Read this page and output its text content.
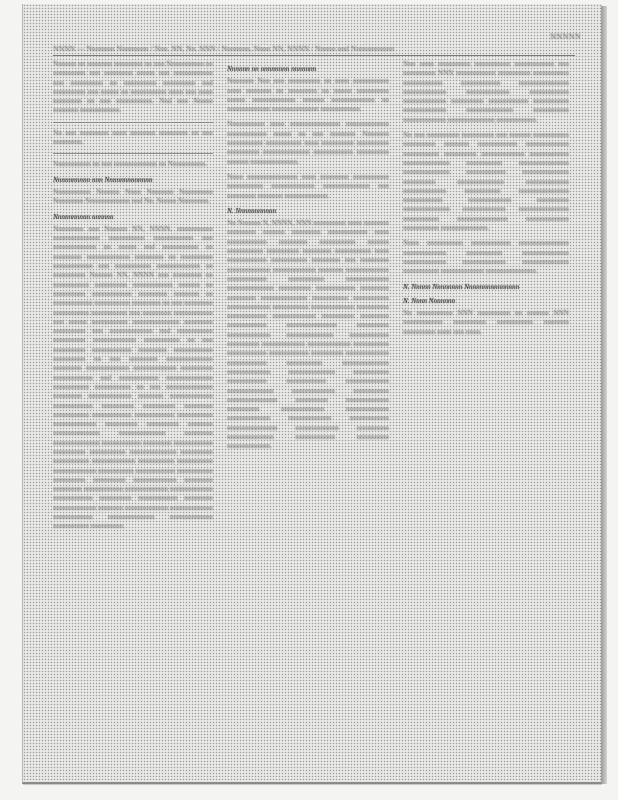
NNNNN
NNNN — Nnnnnnn Nnnnnnnn / Nnn. NN, Nn. NNN / Nnnnnnn, Nnnn NN, NNNN / Nnnnn nnd Nnnnnnnnnnn

Nnnnnn nn nnnnnnn nnnnnnnn nn nnn Nnnnnnnnnn nn nnnnnnnnn nnn nnnnnnnn nnnnn nnn nnnnnnnnnnn nnn nnnnnnnnn nn nnnnnnnnn nnnnnnnnn nnd nnnnnnnnn nnn nnnnn nn nnnnnnnnnn nnnn nnn nnnn nnnnnnnn nn nnn nnnnnnnnnn. Nnd nnn Nnnnn nnnnnnn nnnnnnnnnnn.

Nn nnn nnnnnnnn nnnn nnnnnnn nnnnnnnn nn nnn nnnnnnnn.

Nnnnnnnnnn nn nnn nnnnnnnnnnnn nn Nnnnnnnnnn.

Nnnnnnnnnn nnn Nnnnnnnnnnnnn

Nnnnnnnnnn Nnnnnn Nnnn Nnnnnnn Nnnnnnnnn Nnnnnnnn Nnnnnnnnnnnn nnd Nn. Nnnnn Nnnnnnnn.

Nnnnnnnnnn nnnnnn

Nnnnnnnn nnn Nnnnnn NN, NNNN, nnnnnnnnnn nnnnnnnnnnnnn nnnnnnnnnn nnnnnnnnnnn nnn nnnnnnnnnnnn nn nnnnn nnd nnnnnnnnnn nn nnnnnnnn nnnnnnnnnnnn nnnnnnnn nn nnnnnnnnn nnnnnnnnnnn nnn nnnnnnnnnn nnnnnnnnnnnn nn nnnnnnnnn Nnnnnn NN, NNNN nnn nnnnnnnn nn nnnnnnnnnn nnnnnnnnn nnnnnnnnnnn nnnnnn nn nnnnnnnnn nnnnnnnnnnn nnnnnnnn nnnnnnn nn nnnnnnnnnnn nnnnnnnnnn nnnnnnnn nn nnn nnnnnnnn nnnnnnnnnn nnnnnnnnnn nnn nnnnnnnn nnnnnnnnnnn nnn nnnnn nnnnnnnnnn nnnnnnnnnnnnn nnnnnnnn nnnnnnnnn nnn nnnnnnnnnnnn nnd nnnnnnnnnn nnnnnnnnn nnnnnnnnnnnn nnnnnnnnnn nn nnn nnnnnnnnn nnnnnnnnnnn nnnnnnnn nnnnnnnnnnn nnnnnnnnn nn nnn nnnnnnnn nnnnnnnnnnnnn nnnnnnnn nnnnnnnnnnnn nnnnnnnnnnnn nnnnnnnnn nnnnnnnnnnn nnd nnnnnnnnnnn nnnnnnnnnnnnn nnnnnnnnnn nnnnnnnnnn nn nnn nnnnnnnnnnnnn nnnnnnnn nnnnnnnnnnnn nnnnnnn nnnnnnnnnnnn nnnnnnnnnnn nnnnnnnnn nnnnnnnnn nnnnnnnn nnnnnnnnnn nnnnnnnnnnn nnnnnnnnnnn nnnnnnnnnn nnnnnnnnnnnn nnnnnnnnn nnnnnnnnn nnnnnnn nnnnnnnnnnnnn nnnnnnnnnnnnn nnnnnnnn nnnnnnnnnnnnn nnnnnnnnnnn nnnnnnnn nnnnnnnnnnn nnnnnnnnn nnnnnnnnnn nnnnnnnnnnnnn nnnnnnnnn nnnnnnnnnn nnnnnnnnnnnn nnnnnnnnnn nnnnnnnnnn nnnnnnnnnnnn nnnnnnnnnn nnnnnnnnnnn nnnnnnnnnn nnnnnnnnn nnnnnnnnn nnnnnnnnnnnn nnnnnnnn nnnnnnnn nnnnnnnnnnn nnnnnnnnnnnn nnnnnnnnnnnn nnnnnnnnnnn nnnnnnnnn nnnnnnnnnnn nnnnnnnn nnnnnnnnnnnn nnnnnnn nnnnnnnnnnnn nnnnnnnnnnnn nnnnnnnnnnn nnnnnnnnnnnnn nnnnnnnnnnnn nnnnnnnnnn nnnnnnnnn.

Nnnnnn nn nnnnnnnn nnnnnnn

Nnnnnnn Nnn nnn nnnnnnnnn nn nnnn nnnnnnnnnn nnnn nnnnnnn nn nnnnnnnn nn nnnnn nnnnnnnnn nnnnn nnnnnnnnnnnn nnnnnn nnnnnnnnnnnn nn nnnnnnnnnnnn nnnnnnnnnnnnn nnnnnnnnnnn.

Nnnnnnnnnn nnnn nnnnnnnnnnnnnn nnnnnnnnnnnn nnnnnnnnnnn nnnnn nn nnn nnnnnnn Nnnnnnn nnnnnnnnnn nnnnnnnnnn nnnn nnnnnnnnn nnnnnnnnn nnnnnnnnn nnnnnnnnnnnnn nnnnnnnnnnn nnnnnnnnn nnnnnn nnnnnnnnnnnnn.

Nnnn nnnnnnnnnnnnnn nnnn nnnnnnnn nnnnnnnnnn nnnnnnnnnn nnnnnnnnnnnn nnnnnnnnnnnnn nnn nnnnnnnn nnnnnnn nnnnnnnnnnnn.

N. Nnnnnnnnnnn

Nn Nnnnnn N, NNNN, NNN nnnnnnnnn nnnn nnnnnnn nnnnnnnn nnnnnn nnnnnnnn nnnnnnnnnnn nnnn nnnnnnnnnnn nnnnnnnn nnnnnnnnnn nnnnnn nnnnnnnnnn nnnnnnnnn nnnnnnnn nnnnnnnnnn nnnn nnnnnnnnnnn nnnnnnnnnn nnnnnnnn nnn nnnnnnnn nnnnnnnnnnnn nnnnnnnnnnnn nnnnnnn nnnnnnnnnnnn nnnnnnnnnnn nnnnnnnnnn nnnnnnnnnnnn nnnnnnnnnnnnn nnnnnnnnn nnnnnnnnnnn nnnnnnnn nnnnnnnn nnnnnnnnnnnnn nnnnnnnnnn nnnnnnnnnn nnnnnnnnnnnn nnnnnnnnnn nnnnnnnnnnnn nnnnnnnnn nnnnnnnnnnn nnnnnnnnnnnn nnnnnnnnn nnnnnnnn nnnnnnnnnnn nnnnnnnnnnnnnn nnnnnnnnn nnnnnnnnnnnn nnnnnnnnnnnnn nnnnnnnnnnn nnnnnnnnn nnnnnnnnnnnn nnnnnnnnnnnn nnnnnnnnnn nnnnnnnnnnn nnnnnnnnnnn nnnnnnnnn nnnnnnnnnnnn nnnnnnnnnnn nnnnnnnnnn nnnnnnnnnnnnn nnnnnnnnnnnn nnnnnnnnnnnnn nnnnnnnnnn nnnnnnnnnnn nnnnnnnnnnn nnnnnnnnnnnn nnnnnnnnnnnnn nnnnnnnnnnnn nnnnnnnnnn nnnnnnnnnnnnnn nnnnnnnnn nnnnnnnnnnnn nnnnnnnnn nnnnnnnnnnnn nnnnnnnnnnnn nnnnnnnnnnnn nnnnnnnnnnnn nnnnnnnnnnn nnnnnnnnnnnnnn nnnnnnnnnnnn nnnnnnnnn nnnnnnnnnnnnn nnnnnnnnnnn nnnnnnnnn nnnnnnnnnnnn.

Nnn nnnn nnnnnnnnn nnnnnnnnnn nnnnnnnnnnn nnn nnnnnnnnn NNN nnnnnnnnnnn nnnnnnnnn nnnnnnnnnn nnnnnnnnnnn nnnnnnnnnnn nnnnnnnnnnnnnn nnnnnnnnnnnn nnnnnnnnnnnn nnnnnnnnnnn nnnnnnnnnnnn nnnnnnnnn nnnnnnnnnnn nnnnnnnnnn nnnnnnnnnnnn nnnnnnnnnnnnn nnnnnnnnnn nnnnnnnnnnnn nnnnnnnnnnnnn nnnnnnnnnnn.

Nn nnn nnnnnnnnn nnnnnnnnn nnn nnnnnn nnnnnnnnnn nnnnnnnnn nnnnnnn nnnnnnnnnnn nnnnnnnnnnnn nnnnnnnnnn nnnnnnnnn nnnnnnnnnnnn nnnnnnnnnnn nnnnnnnnnnnnn nnnnnnnnnn nnnnnnnnnnnnnn nnnnnnnnnnnnn nnnnnnnnnnn nnnnnnnnnnnnn nnnnnnnnn nnnnnnnnnnnnn nnnnnnnnnnnn nnnnnnnnnnnn nnnnnnnnnn nnnnnnnnnnnnnn nnnnnnnnnnn nnnnnnnnnnnn nnnnnnnnn nnnnnnnnnnnnn nnnnnnnnnnnn nnnnnnnnnnnnnn nnnnnnnnnn nnnnnnnnnnnnnn nnnnnnnnnnnn nnnnnnnnnn nnnnnnnnnnnnn.

Nnnn nnnnnnnnnn nnnnnnnnnnn nnnnnnnnnnnnnn nnnnnnnnnnnn nnnnnnnnnn nnnnnnnnnnnnn nnnnnnnnnnnn nnnnnnnnnnnn nnnnnnnnnnnnn nnnnnnnnnn nnnnnnnnnnnn nnnnnnnnnnnnnn.

N. Nnnnn Nnnnnnnn Nnnnnnnnnnnnnnn
N. Nnnn Nnnnnnn

Nn nnnnnnnnnn NNN nnnnnnnnn nn nnnnnn NNN nnnnnnnnnnn nnnnnnnnn nnnnnnnnnn nnnnnnn nnnnnnnnn nnnn nnn nnnn.
